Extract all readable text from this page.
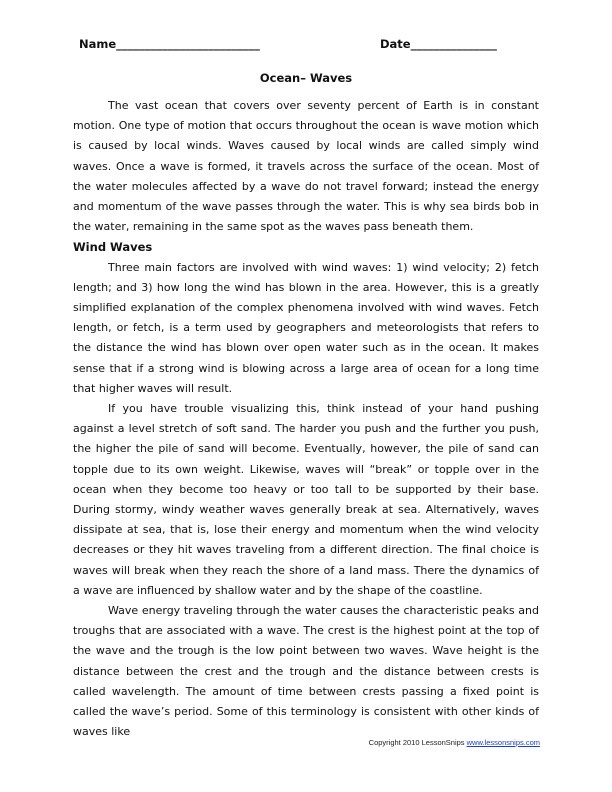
Name_________________________	Date_______________
Ocean– Waves

The vast ocean that covers over seventy percent of Earth is in constant motion. One type of motion that occurs throughout the ocean is wave motion which is caused by local winds. Waves caused by local winds are called simply wind waves. Once a wave is formed, it travels across the surface of the ocean. Most of the water molecules affected by a wave do not travel forward; instead the energy and momentum of the wave passes through the water. This is why sea birds bob in the water, remaining in the same spot as the waves pass beneath them.

Wind Waves

Three main factors are involved with wind waves: 1) wind velocity; 2) fetch length; and 3) how long the wind has blown in the area. However, this is a greatly simplified explanation of the complex phenomena involved with wind waves. Fetch length, or fetch, is a term used by geographers and meteorologists that refers to the distance the wind has blown over open water such as in the ocean. It makes sense that if a strong wind is blowing across a large area of ocean for a long time that higher waves will result.

If you have trouble visualizing this, think instead of your hand pushing against a level stretch of soft sand. The harder you push and the further you push, the higher the pile of sand will become. Eventually, however, the pile of sand can topple due to its own weight. Likewise, waves will “break” or topple over in the ocean when they become too heavy or too tall to be supported by their base. During stormy, windy weather waves generally break at sea. Alternatively, waves dissipate at sea, that is, lose their energy and momentum when the wind velocity decreases or they hit waves traveling from a different direction. The final choice is waves will break when they reach the shore of a land mass. There the dynamics of a wave are influenced by shallow water and by the shape of the coastline.

Wave energy traveling through the water causes the characteristic peaks and troughs that are associated with a wave. The crest is the highest point at the top of the wave and the trough is the low point between two waves. Wave height is the distance between the crest and the trough and the distance between crests is called wavelength. The amount of time between crests passing a fixed point is called the wave’s period. Some of this terminology is consistent with other kinds of waves like

Copyright 2010 LessonSnips www.lessonsnips.com
